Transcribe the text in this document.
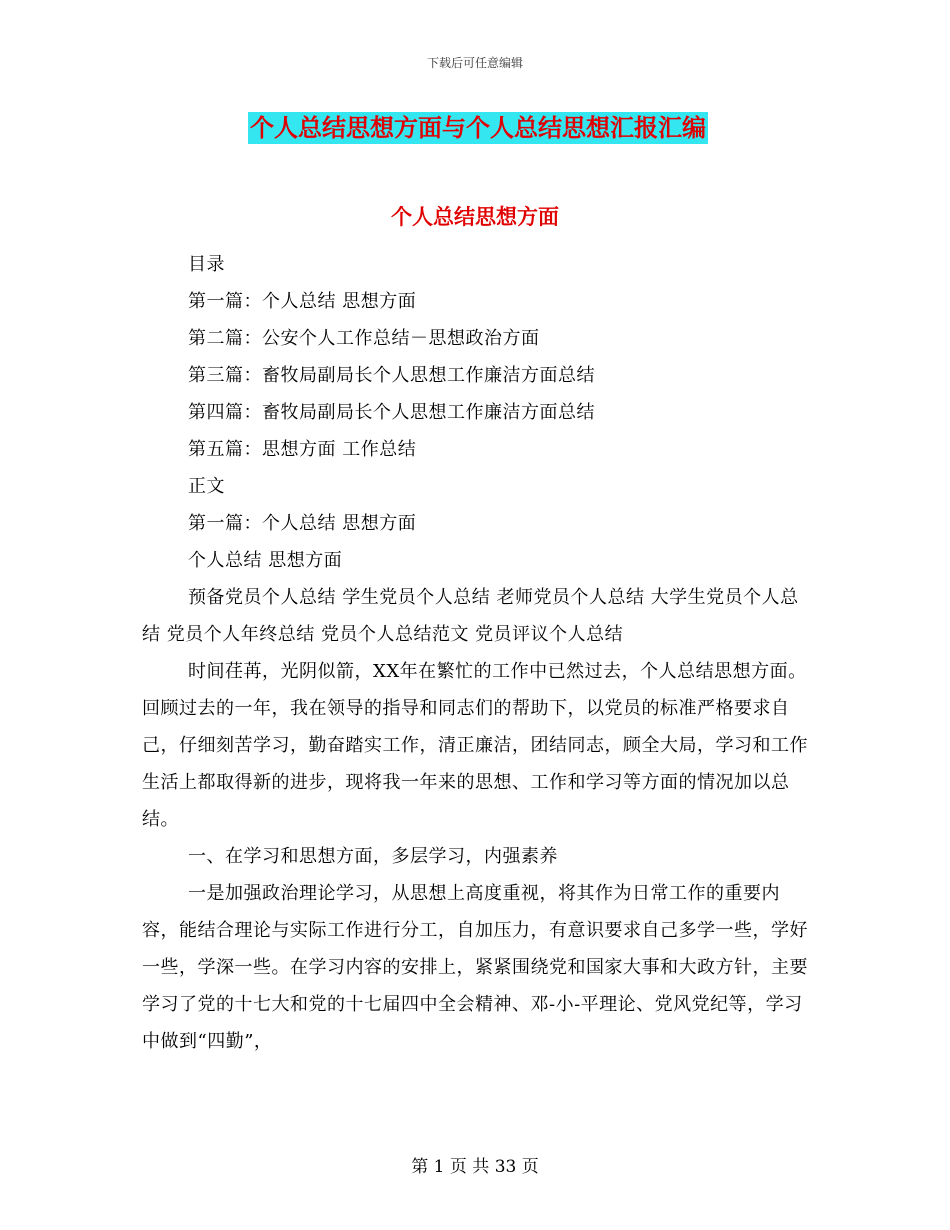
下载后可任意编辑
个人总结思想方面与个人总结思想汇报汇编
个人总结思想方面
目录
第一篇：个人总结 思想方面
第二篇：公安个人工作总结－思想政治方面
第三篇：畜牧局副局长个人思想工作廉洁方面总结
第四篇：畜牧局副局长个人思想工作廉洁方面总结
第五篇：思想方面 工作总结
正文
第一篇：个人总结 思想方面
个人总结 思想方面

预备党员个人总结 学生党员个人总结 老师党员个人总结 大学生党员个人总结 党员个人年终总结 党员个人总结范文 党员评议个人总结

时间荏苒，光阴似箭，XX年在繁忙的工作中已然过去，个人总结思想方面。回顾过去的一年，我在领导的指导和同志们的帮助下，以党员的标准严格要求自己，仔细刻苦学习，勤奋踏实工作，清正廉洁，团结同志，顾全大局，学习和工作生活上都取得新的进步，现将我一年来的思想、工作和学习等方面的情况加以总结。

一、在学习和思想方面，多层学习，内强素养

一是加强政治理论学习，从思想上高度重视，将其作为日常工作的重要内容，能结合理论与实际工作进行分工，自加压力，有意识要求自己多学一些，学好一些，学深一些。在学习内容的安排上，紧紧围绕党和国家大事和大政方针，主要学习了党的十七大和党的十七届四中全会精神、邓-小-平理论、党风党纪等，学习中做到“四勤”，

第 1 页 共 33 页
